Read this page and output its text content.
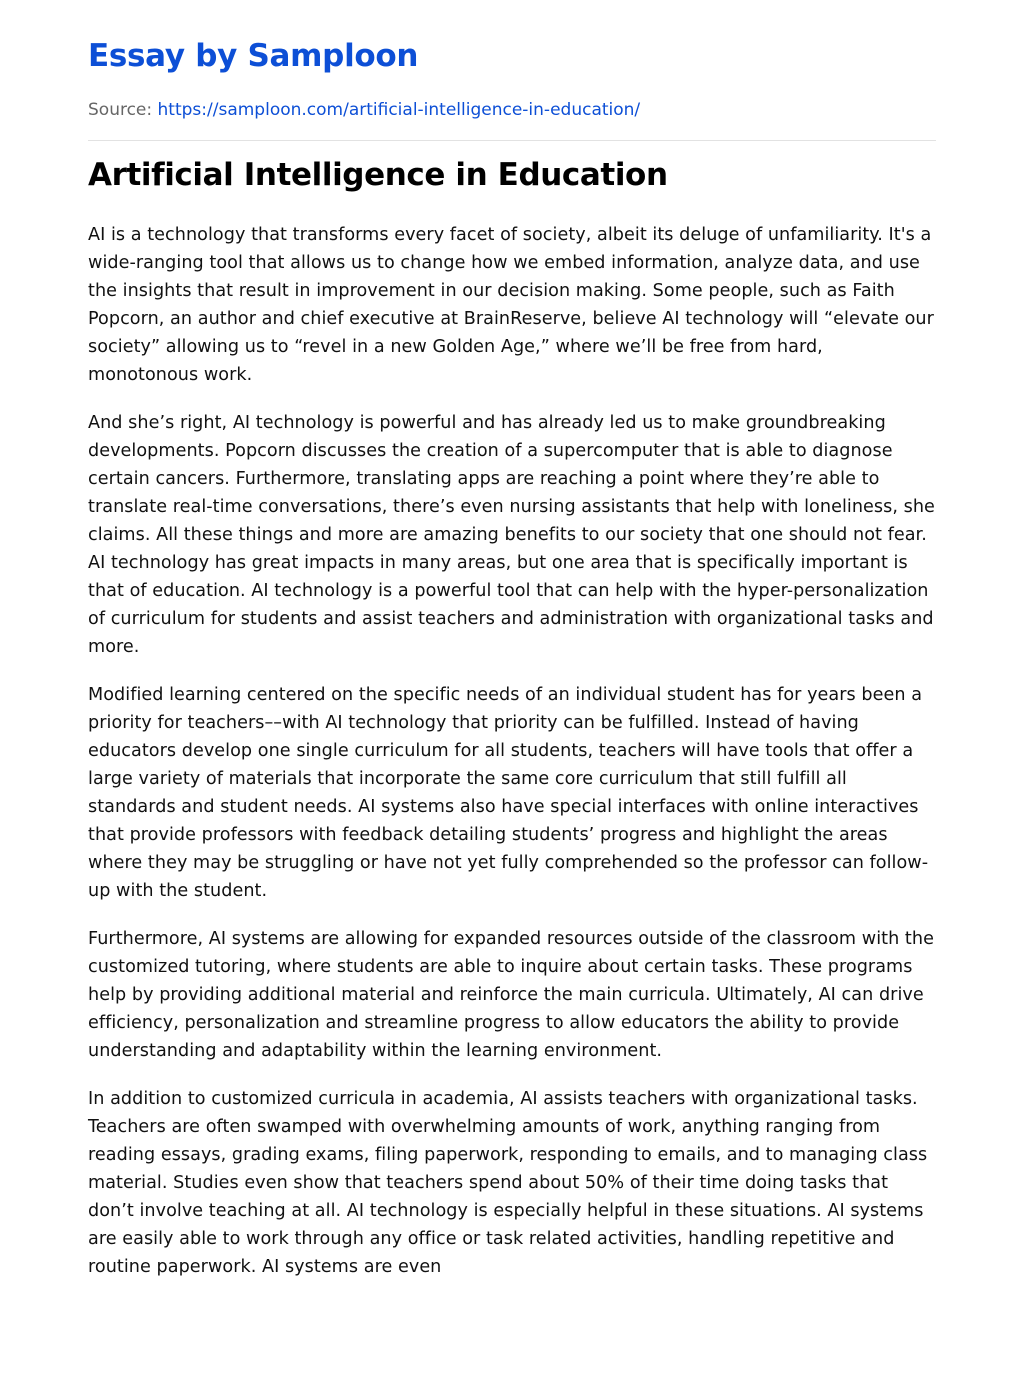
Essay by Samploon
Source: https://samploon.com/artificial-intelligence-in-education/
Artificial Intelligence in Education

AI is a technology that transforms every facet of society, albeit its deluge of unfamiliarity. It's a wide-ranging tool that allows us to change how we embed information, analyze data, and use the insights that result in improvement in our decision making. Some people, such as Faith Popcorn, an author and chief executive at BrainReserve, believe AI technology will “elevate our society” allowing us to “revel in a new Golden Age,” where we’ll be free from hard, monotonous work.

And she’s right, AI technology is powerful and has already led us to make groundbreaking developments. Popcorn discusses the creation of a supercomputer that is able to diagnose certain cancers. Furthermore, translating apps are reaching a point where they’re able to translate real-time conversations, there’s even nursing assistants that help with loneliness, she claims. All these things and more are amazing benefits to our society that one should not fear. AI technology has great impacts in many areas, but one area that is specifically important is that of education. AI technology is a powerful tool that can help with the hyper-personalization of curriculum for students and assist teachers and administration with organizational tasks and more.

Modified learning centered on the specific needs of an individual student has for years been a priority for teachers––with AI technology that priority can be fulfilled. Instead of having educators develop one single curriculum for all students, teachers will have tools that offer a large variety of materials that incorporate the same core curriculum that still fulfill all standards and student needs. AI systems also have special interfaces with online interactives that provide professors with feedback detailing students’ progress and highlight the areas where they may be struggling or have not yet fully comprehended so the professor can follow-up with the student.

Furthermore, AI systems are allowing for expanded resources outside of the classroom with the customized tutoring, where students are able to inquire about certain tasks. These programs help by providing additional material and reinforce the main curricula. Ultimately, AI can drive efficiency, personalization and streamline progress to allow educators the ability to provide understanding and adaptability within the learning environment.

In addition to customized curricula in academia, AI assists teachers with organizational tasks. Teachers are often swamped with overwhelming amounts of work, anything ranging from reading essays, grading exams, filing paperwork, responding to emails, and to managing class material. Studies even show that teachers spend about 50% of their time doing tasks that don’t involve teaching at all. AI technology is especially helpful in these situations. AI systems are easily able to work through any office or task related activities, handling repetitive and routine paperwork. AI systems are even
